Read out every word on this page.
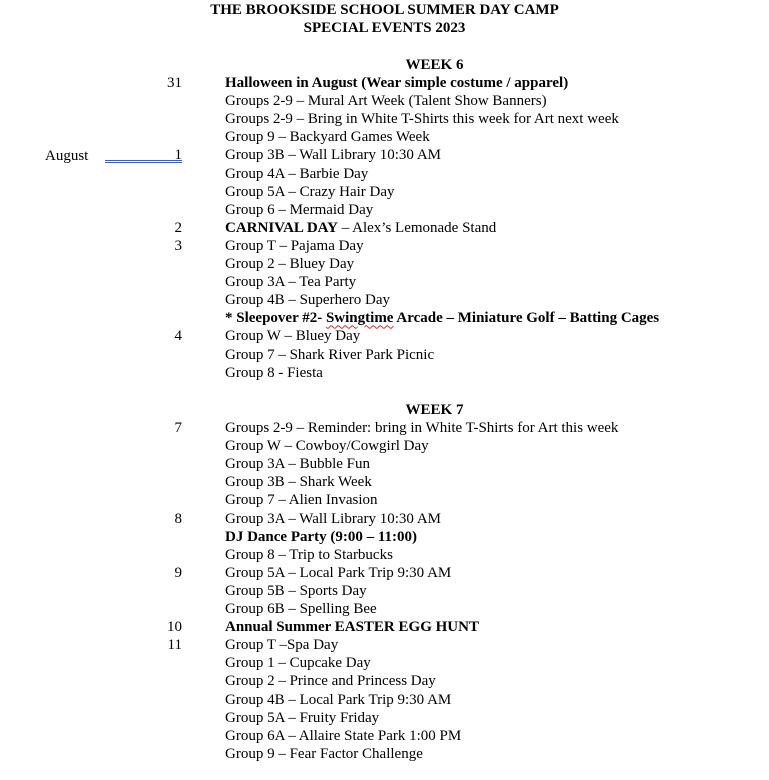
THE BROOKSIDE SCHOOL SUMMER DAY CAMP
SPECIAL EVENTS 2023
WEEK 6
WEEK 7
August
31	Halloween in August (Wear simple costume / apparel)
Groups 2-9 – Mural Art Week (Talent Show Banners)
Groups 2-9 – Bring in White T-Shirts this week for Art next week
Group 9 – Backyard Games Week
1	Group 3B – Wall Library 10:30 AM
Group 4A – Barbie Day
Group 5A – Crazy Hair Day
Group 6 – Mermaid Day
2	CARNIVAL DAY – Alex’s Lemonade Stand
3	Group T – Pajama Day
Group 2 – Bluey Day
Group 3A – Tea Party
Group 4B – Superhero Day
* Sleepover #2- Swingtime Arcade – Miniature Golf – Batting Cages
4	Group W – Bluey Day
Group 7 – Shark River Park Picnic
Group 8 - Fiesta
7	Groups 2-9 – Reminder: bring in White T-Shirts for Art this week
Group W – Cowboy/Cowgirl Day
Group 3A – Bubble Fun
Group 3B – Shark Week
Group 7 – Alien Invasion
8	Group 3A – Wall Library 10:30 AM
DJ Dance Party (9:00 – 11:00)
Group 8 – Trip to Starbucks
9	Group 5A – Local Park Trip 9:30 AM
Group 5B – Sports Day
Group 6B – Spelling Bee
10	Annual Summer EASTER EGG HUNT
11	Group T –Spa Day
Group 1 – Cupcake Day
Group 2 – Prince and Princess Day
Group 4B – Local Park Trip 9:30 AM
Group 5A – Fruity Friday
Group 6A – Allaire State Park 1:00 PM
Group 9 – Fear Factor Challenge
